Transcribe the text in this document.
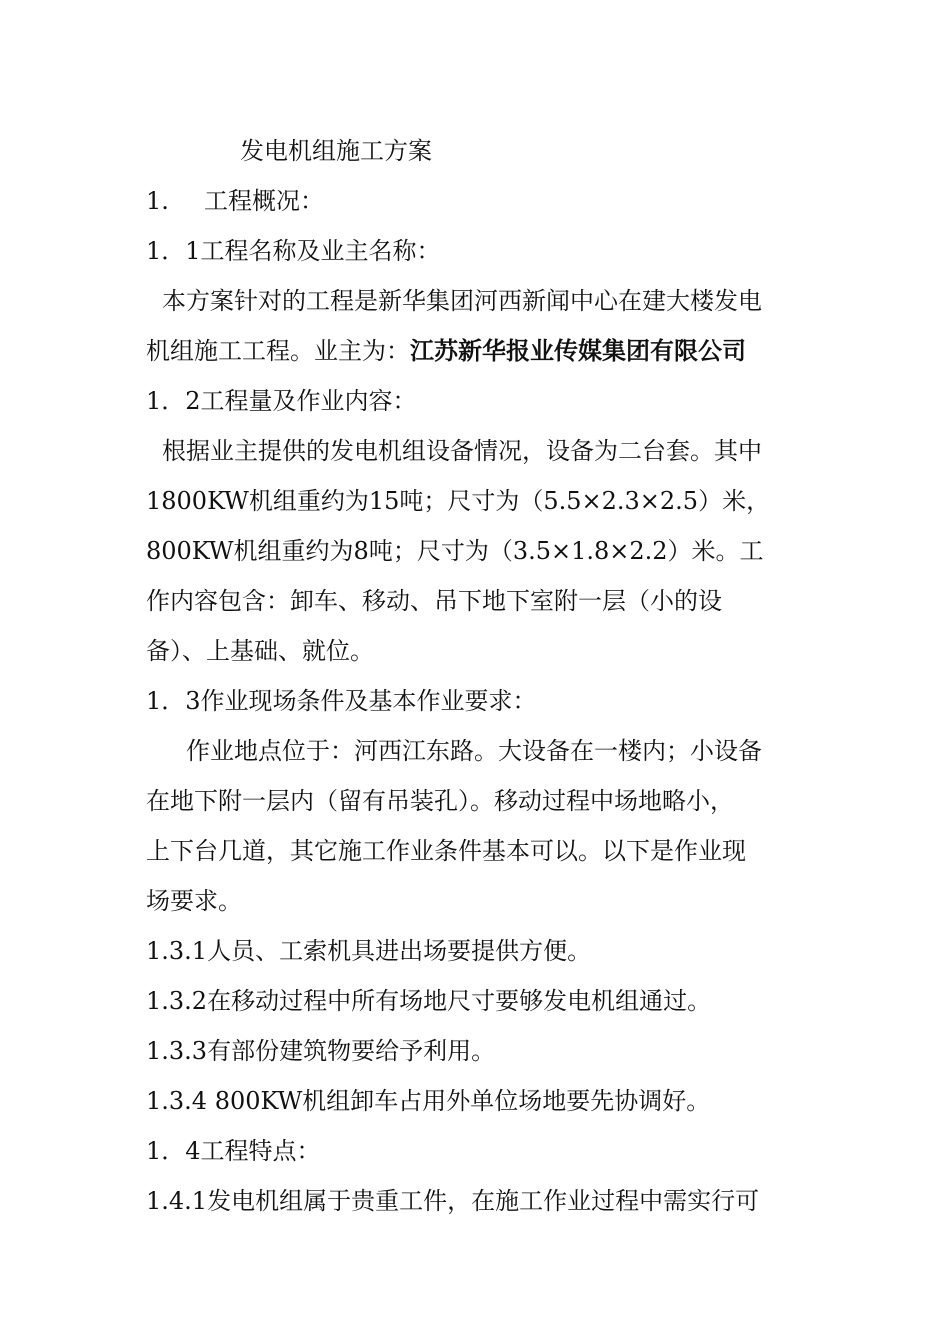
发电机组施工方案
1. 工程概况：
1．1工程名称及业主名称：
本方案针对的工程是新华集团河西新闻中心在建大楼发电
机组施工工程。业主为：江苏新华报业传媒集团有限公司
1．2工程量及作业内容：
根据业主提供的发电机组设备情况，设备为二台套。其中
1800KW机组重约为15吨；尺寸为（5.5×2.3×2.5）米，
800KW机组重约为8吨；尺寸为（3.5×1.8×2.2）米。工
作内容包含：卸车、移动、吊下地下室附一层（小的设
备）、上基础、就位。
1．3作业现场条件及基本作业要求：
作业地点位于：河西江东路。大设备在一楼内；小设备
在地下附一层内（留有吊装孔）。移动过程中场地略小，
上下台几道，其它施工作业条件基本可以。以下是作业现
场要求。
1.3.1人员、工索机具进出场要提供方便。
1.3.2在移动过程中所有场地尺寸要够发电机组通过。
1.3.3有部份建筑物要给予利用。
1.3.4 800KW机组卸车占用外单位场地要先协调好。
1．4工程特点：
1.4.1发电机组属于贵重工件，在施工作业过程中需实行可
